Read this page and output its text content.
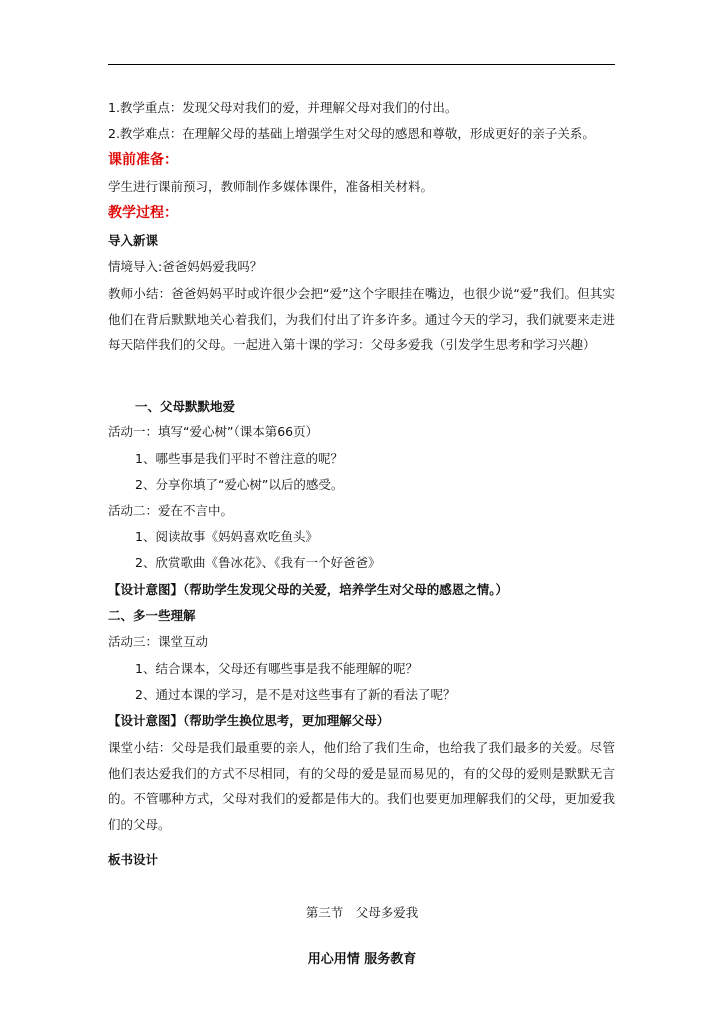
1.教学重点：发现父母对我们的爱，并理解父母对我们的付出。
2.教学难点：在理解父母的基础上增强学生对父母的感恩和尊敬，形成更好的亲子关系。
课前准备：
学生进行课前预习，教师制作多媒体课件，准备相关材料。
教学过程：
导入新课
情境导入:爸爸妈妈爱我吗？
教师小结：爸爸妈妈平时或许很少会把“爱”这个字眼挂在嘴边，也很少说“爱”我们。但其实他们在背后默默地关心着我们，为我们付出了许多许多。通过今天的学习，我们就要来走进每天陪伴我们的父母。一起进入第十课的学习：父母多爱我（引发学生思考和学习兴趣）
一、父母默默地爱
活动一：填写“爱心树”（课本第66页）
1、哪些事是我们平时不曾注意的呢？
2、分享你填了“爱心树”以后的感受。
活动二：爱在不言中。
1、阅读故事《妈妈喜欢吃鱼头》
2、欣赏歌曲《鲁冰花》、《我有一个好爸爸》
【设计意图】（帮助学生发现父母的关爱，培养学生对父母的感恩之情。）
二、多一些理解
活动三：课堂互动
1、结合课本，父母还有哪些事是我不能理解的呢？
2、通过本课的学习，是不是对这些事有了新的看法了呢？
【设计意图】（帮助学生换位思考，更加理解父母）
课堂小结：父母是我们最重要的亲人，他们给了我们生命，也给我了我们最多的关爱。尽管他们表达爱我们的方式不尽相同，有的父母的爱是显而易见的，有的父母的爱则是默默无言的。不管哪种方式，父母对我们的爱都是伟大的。我们也要更加理解我们的父母，更加爱我们的父母。
板书设计
第三节　父母多爱我
用心用情 服务教育
